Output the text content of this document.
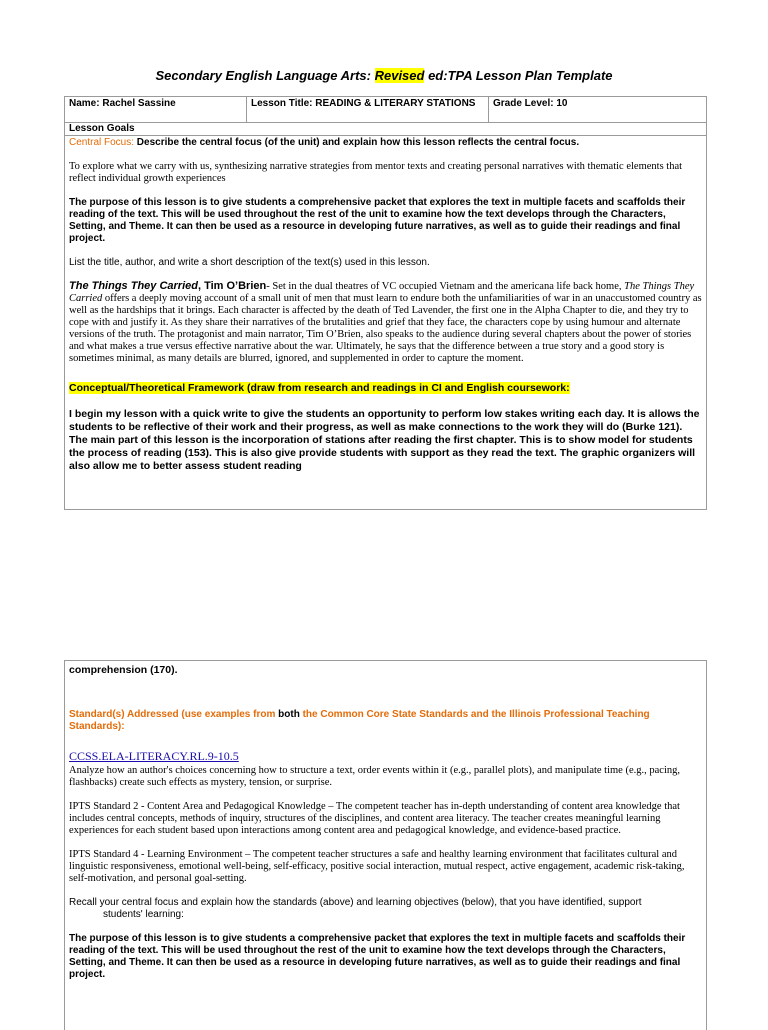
Secondary English Language Arts: Revised ed:TPA Lesson Plan Template
Name: Rachel Sassine	Lesson Title: READING & LITERARY STATIONS	Grade Level: 10
Lesson Goals

Central Focus: Describe the central focus (of the unit) and explain how this lesson reflects the central focus.

To explore what we carry with us, synthesizing narrative strategies from mentor texts and creating personal narratives with thematic elements that reflect individual growth experiences

The purpose of this lesson is to give students a comprehensive packet that explores the text in multiple facets and scaffolds their reading of the text. This will be used throughout the rest of the unit to examine how the text develops through the Characters, Setting, and Theme. It can then be used as a resource in developing future narratives, as well as to guide their readings and final project.

List the title, author, and write a short description of the text(s) used in this lesson.

The Things They Carried, Tim O’Brien- Set in the dual theatres of VC occupied Vietnam and the americana life back home, The Things They Carried offers a deeply moving account of a small unit of men that must learn to endure both the unfamiliarities of war in an unaccustomed country as well as the hardships that it brings. Each character is affected by the death of Ted Lavender, the first one in the Alpha Chapter to die, and they try to cope with and justify it. As they share their narratives of the brutalities and grief that they face, the characters cope by using humour and alternate versions of the truth. The protagonist and main narrator, Tim O’Brien, also speaks to the audience during several chapters about the power of stories and what makes a true versus effective narrative about the war. Ultimately, he says that the difference between a true story and a good story is sometimes minimal, as many details are blurred, ignored, and supplemented in order to capture the moment.

Conceptual/Theoretical Framework (draw from research and readings in CI and English coursework:

I begin my lesson with a quick write to give the students an opportunity to perform low stakes writing each day. It is allows the students to be reflective of their work and their progress, as well as make connections to the work they will do (Burke 121). The main part of this lesson is the incorporation of stations after reading the first chapter. This is to show model for students the process of reading (153). This is also give provide students with support as they read the text. The graphic organizers will also allow me to better assess student reading

comprehension (170).

Standard(s) Addressed (use examples from both the Common Core State Standards and the Illinois Professional Teaching Standards):

CCSS.ELA-LITERACY.RL.9-10.5

Analyze how an author's choices concerning how to structure a text, order events within it (e.g., parallel plots), and manipulate time (e.g., pacing, flashbacks) create such effects as mystery, tension, or surprise.

IPTS Standard 2 - Content Area and Pedagogical Knowledge – The competent teacher has in-depth understanding of content area knowledge that includes central concepts, methods of inquiry, structures of the disciplines, and content area literacy. The teacher creates meaningful learning experiences for each student based upon interactions among content area and pedagogical knowledge, and evidence-based practice.

IPTS Standard 4 - Learning Environment – The competent teacher structures a safe and healthy learning environment that facilitates cultural and linguistic responsiveness, emotional well-being, self-efficacy, positive social interaction, mutual respect, active engagement, academic risk-taking, self-motivation, and personal goal-setting.

Recall your central focus and explain how the standards (above) and learning objectives (below), that you have identified, support

students' learning:

The purpose of this lesson is to give students a comprehensive packet that explores the text in multiple facets and scaffolds their reading of the text. This will be used throughout the rest of the unit to examine how the text develops through the Characters, Setting, and Theme. It can then be used as a resource in developing future narratives, as well as to guide their readings and final project.
